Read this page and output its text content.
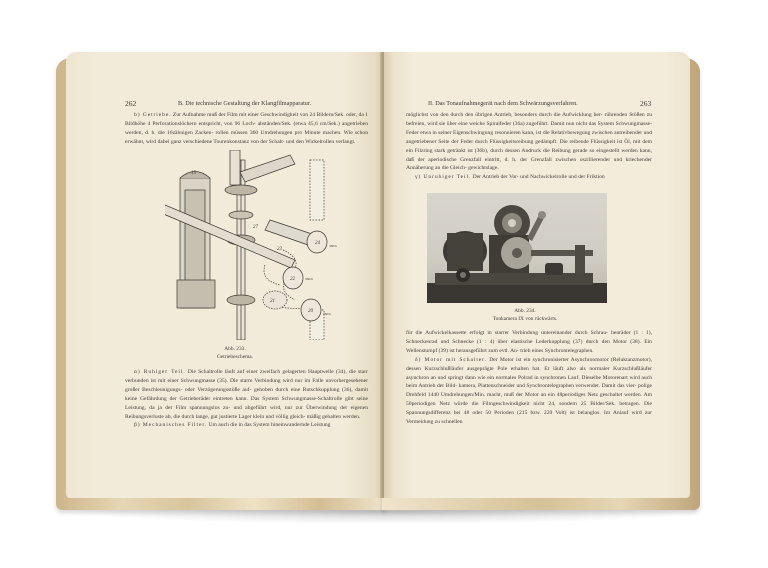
262	B. Die technische Gestaltung der Klangfilmapparatur.

b) Getriebe. Zur Aufnahme muß der Film mit einer Geschwindigkeit von 24 Bildern/Sek. oder, da 1 Bildhöhe 4 Perforationslöchern entspricht, von 96 Loch- abständen/Sek. (etwa 45,6 cm/Sek.) angetrieben werden, d. h. die 16zähnigen Zacken- rollen müssen 360 Umdrehungen pro Minute machen. Wie schon erwähnt, wird dabei ganz verschiedene Tourenkonstanz von der Schalt- und den Wickelrollen verlangt.

15
24
22
20
21
23
27
360/n
360/n
360/n
Abb. 233.
Getriebeschema.

α) Ruhiger Teil. Die Schaltrolle läuft auf einer zweifach gelagerten Hauptwelle (34), die starr verbunden ist mit einer Schwungmasse (35). Die starre Verbindung wird nur im Falle unvorhergesehener großer Beschleunigungs- oder Verzögerungsstöße auf- gehoben durch eine Rutschkupplung (36), damit keine Gefährdung der Getrieberäder eintreten kann. Das System Schwungmasse-Schaltrolle gibt seine Leistung, da ja der Film spannungslos zu- und abgeführt wird, nur zur Überwindung der eigenen Reibungsverluste ab, die durch lange, gut justierte Lager klein und völlig gleich- mäßig gehalten werden.

β) Mechanisches Filter. Um auch die in das System hineinwandernde Leistung

II. Das Tonaufnahmegerät nach dem Schwärzungsverfahren.	263

möglichst von den durch den übrigen Antrieb, besonders durch die Aufwicklung her- rührenden Stößen zu befreien, wird sie über eine weiche Spiralfeder (36a) zugeführt. Damit nun nicht das System Schwungmasse-Feder etwa in seiner Eigenschwingung resonnieren kann, ist die Relativbewegung zwischen antreibender und angetriebener Seite der Feder durch Flüssigkeitsreibung gedämpft. Die reibende Flüssigkeit ist Öl, mit dem ein Filzring stark getränkt ist (36b), durch dessen Andruck die Reibung gerade so eingestellt werden kann, daß der aperiodische Grenzfall eintritt, d. h. der Grenzfall zwischen oszillierender und kriechender Annäherung an die Gleich- gewichtslage.

γ) Unruhiger Teil. Der Antrieb der Vor- und Nachwickelrolle und der Friktion

Abb. 234.
Tonkamera IX von rückwärts.

für die Aufwickelkassette erfolgt in starrer Verbindung untereinander durch Schrau- benräder (1 : 1), Schneckenrad und Schnecke (1 : 4) über elastische Lederkupplung (37) durch den Motor (38). Ein Wellenstumpf (39) ist herausgeführt zum evtl. An- trieb eines Synchrontelegraphen.

δ) Motor mit Schalter. Der Motor ist ein synchronisierter Asynchronmotor (Reluktanzmotor), dessen Kurzschlußläufer ausgeprägte Pole erhalten hat. Er läuft also als normaler Kurzschlußläufer asynchron an und springt dann wie ein normales Polrad in synchronen Lauf. Dieselbe Motorenart wird auch beim Antrieb der Bild- kamera, Plattenschneider und Synchrontelegraphen verwendet. Damit das vier- polige Drehfeld 1440 Umdrehungen/Min. macht, muß der Motor an ein 48periodiges Netz geschaltet werden. Am 50periodigen Netz würde die Filmgeschwindigkeit nicht 24, sondern 25 Bilder/Sek. betragen. Die Spannungsdifferenz bei 48 oder 50 Perioden (215 bzw. 220 Volt) ist belanglos. Im Anlauf wird zur Vermeidung zu schnellen
